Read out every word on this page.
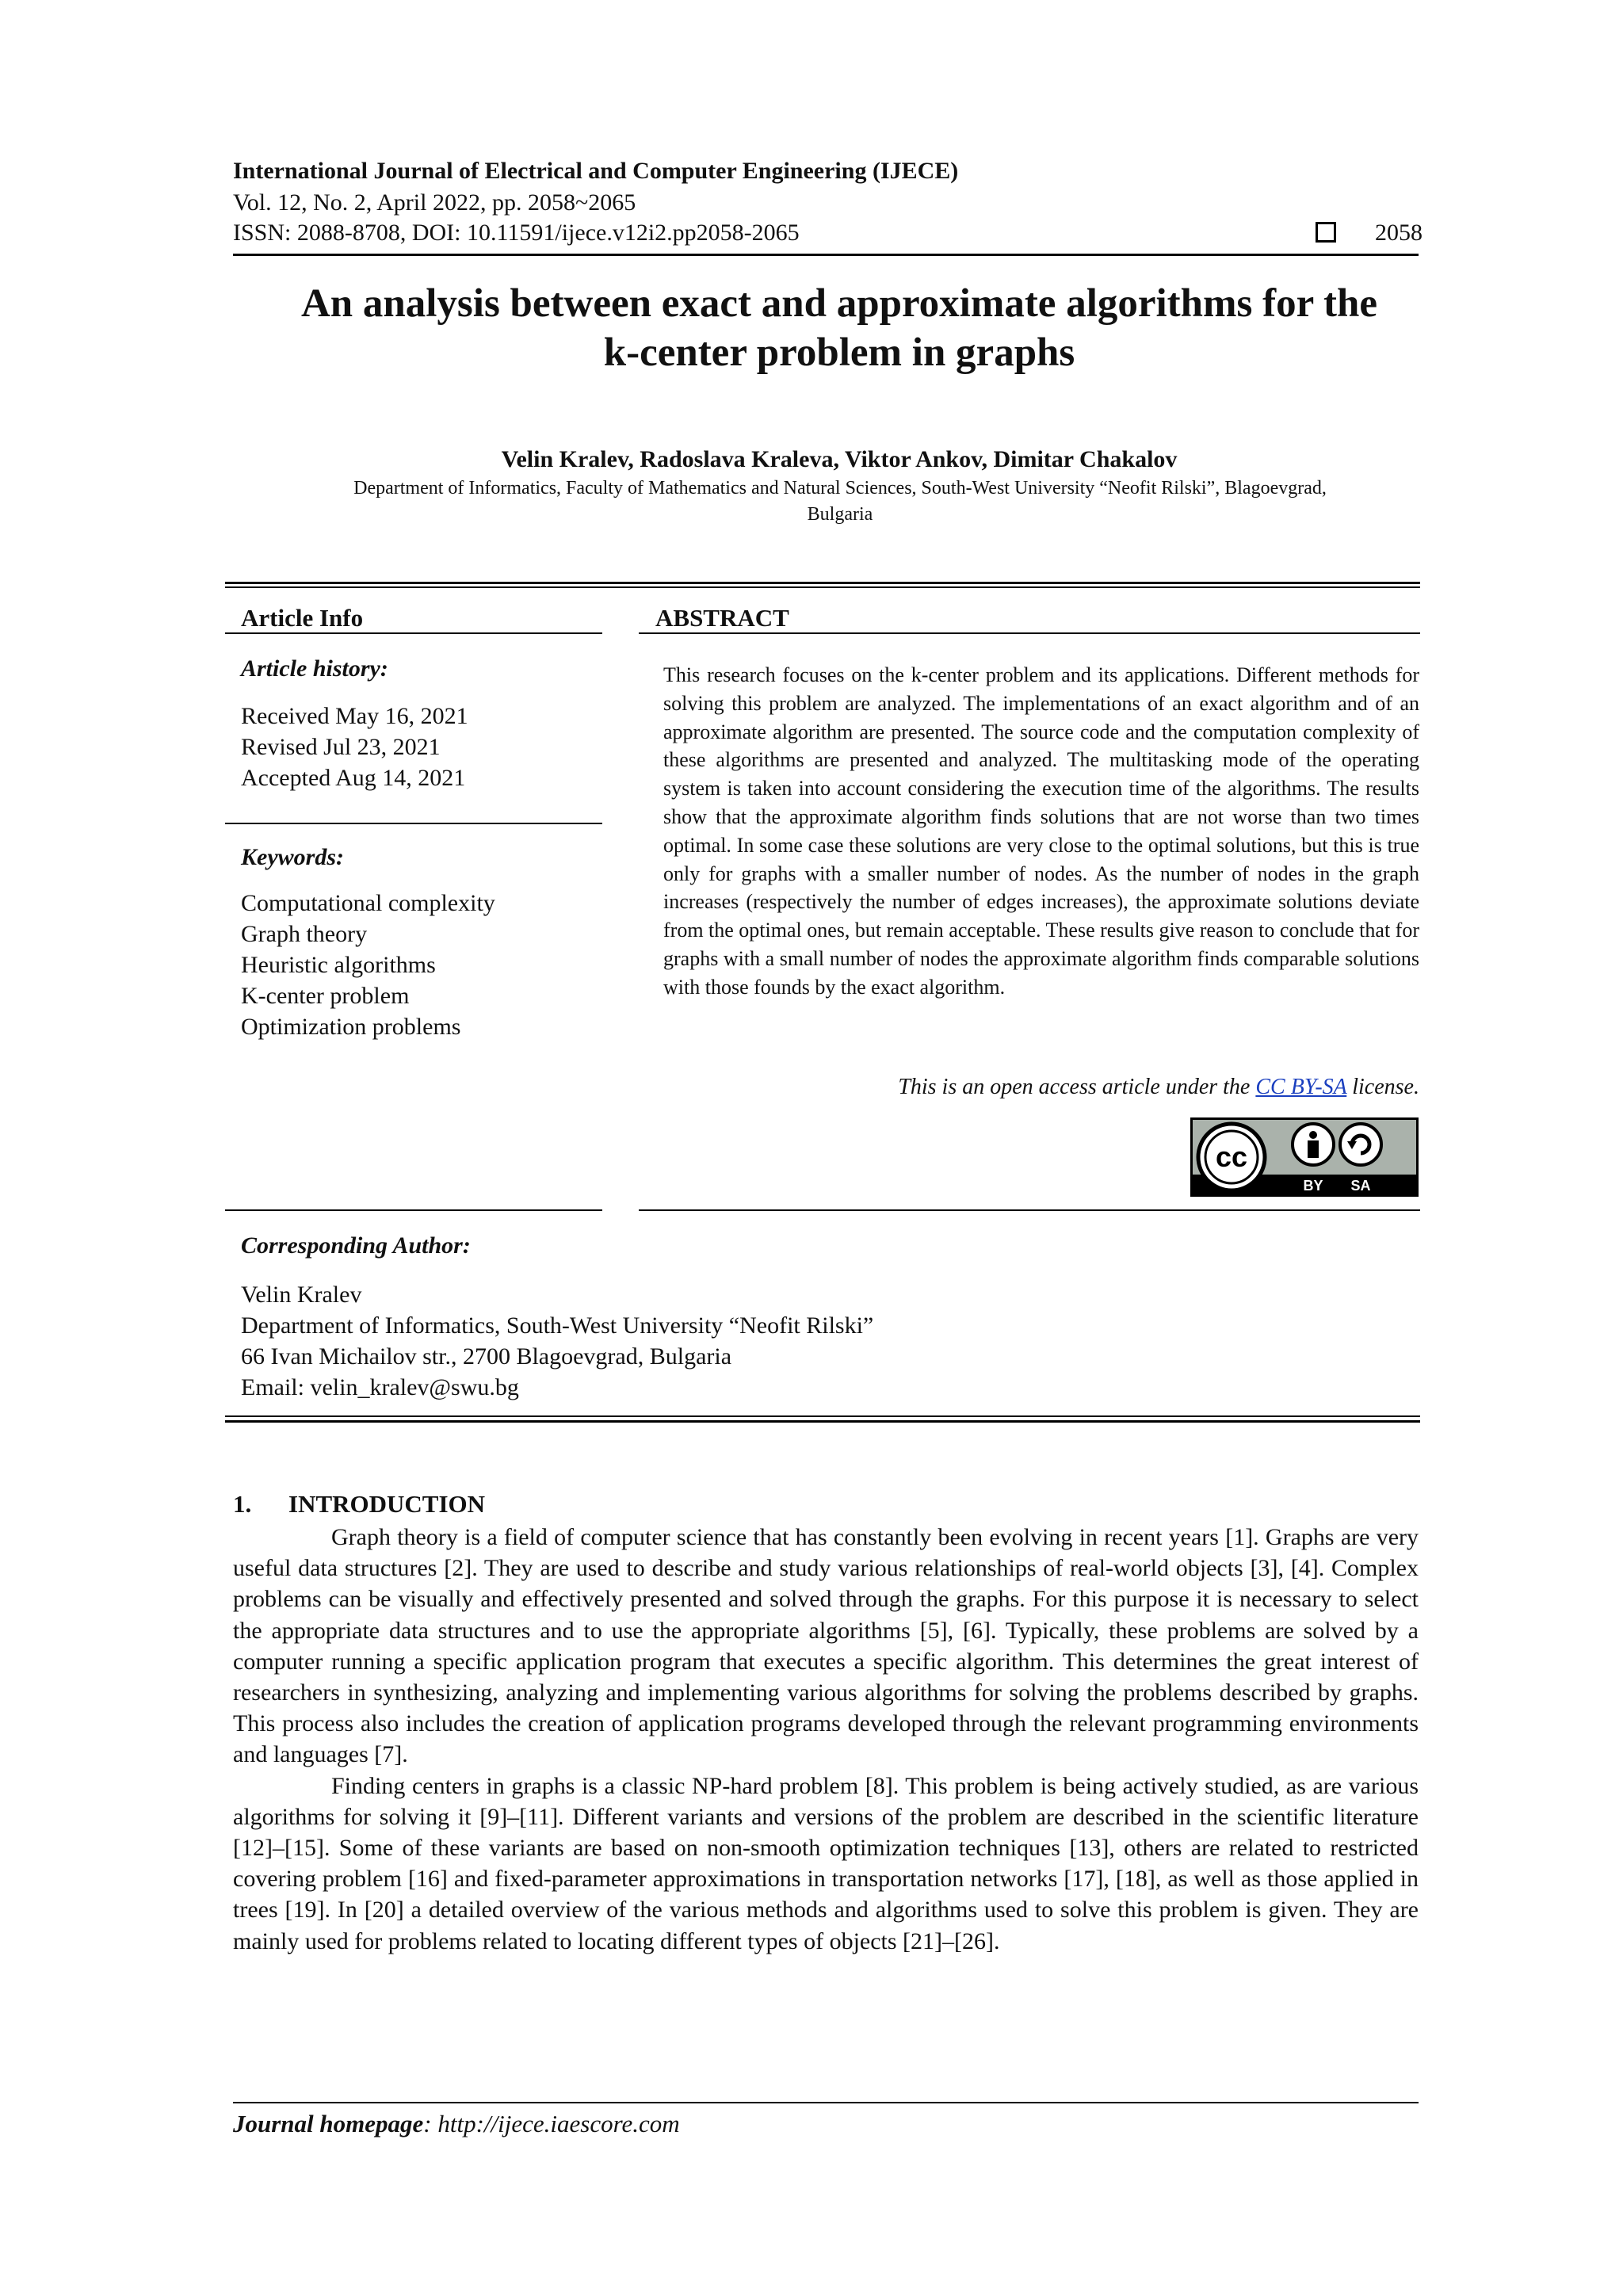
International Journal of Electrical and Computer Engineering (IJECE)
Vol. 12, No. 2, April 2022, pp. 2058~2065
ISSN: 2088-8708, DOI: 10.11591/ijece.v12i2.pp2058-2065	2058
An analysis between exact and approximate algorithms for the
k-center problem in graphs
Velin Kralev, Radoslava Kraleva, Viktor Ankov, Dimitar Chakalov
Department of Informatics, Faculty of Mathematics and Natural Sciences, South-West University “Neofit Rilski”, Blagoevgrad,
Bulgaria
Article Info
Article history:
Received May 16, 2021
Revised Jul 23, 2021
Accepted Aug 14, 2021
Keywords:
Computational complexity
Graph theory
Heuristic algorithms
K-center problem
Optimization problems
ABSTRACT
This research focuses on the k-center problem and its applications. Different methods for solving this problem are analyzed. The implementations of an exact algorithm and of an approximate algorithm are presented. The source code and the computation complexity of these algorithms are presented and analyzed. The multitasking mode of the operating system is taken into account considering the execution time of the algorithms. The results show that the approximate algorithm finds solutions that are not worse than two times optimal. In some case these solutions are very close to the optimal solutions, but this is true only for graphs with a smaller number of nodes. As the number of nodes in the graph increases (respectively the number of edges increases), the approximate solutions deviate from the optimal ones, but remain acceptable. These results give reason to conclude that for graphs with a small number of nodes the approximate algorithm finds comparable solutions with those founds by the exact algorithm.
This is an open access article under the CC BY-SA license.
cc
BY SA
Corresponding Author:
Velin Kralev
Department of Informatics, South-West University “Neofit Rilski”
66 Ivan Michailov str., 2700 Blagoevgrad, Bulgaria
Email: velin_kralev@swu.bg
1. INTRODUCTION

Graph theory is a field of computer science that has constantly been evolving in recent years [1]. Graphs are very useful data structures [2]. They are used to describe and study various relationships of real-world objects [3], [4]. Complex problems can be visually and effectively presented and solved through the graphs. For this purpose it is necessary to select the appropriate data structures and to use the appropriate algorithms [5], [6]. Typically, these problems are solved by a computer running a specific application program that executes a specific algorithm. This determines the great interest of researchers in synthesizing, analyzing and implementing various algorithms for solving the problems described by graphs. This process also includes the creation of application programs developed through the relevant programming environments and languages [7].

Finding centers in graphs is a classic NP-hard problem [8]. This problem is being actively studied, as are various algorithms for solving it [9]–[11]. Different variants and versions of the problem are described in the scientific literature [12]–[15]. Some of these variants are based on non-smooth optimization techniques [13], others are related to restricted covering problem [16] and fixed-parameter approximations in transportation networks [17], [18], as well as those applied in trees [19]. In [20] a detailed overview of the various methods and algorithms used to solve this problem is given. They are mainly used for problems related to locating different types of objects [21]–[26].

Journal homepage: http://ijece.iaescore.com
